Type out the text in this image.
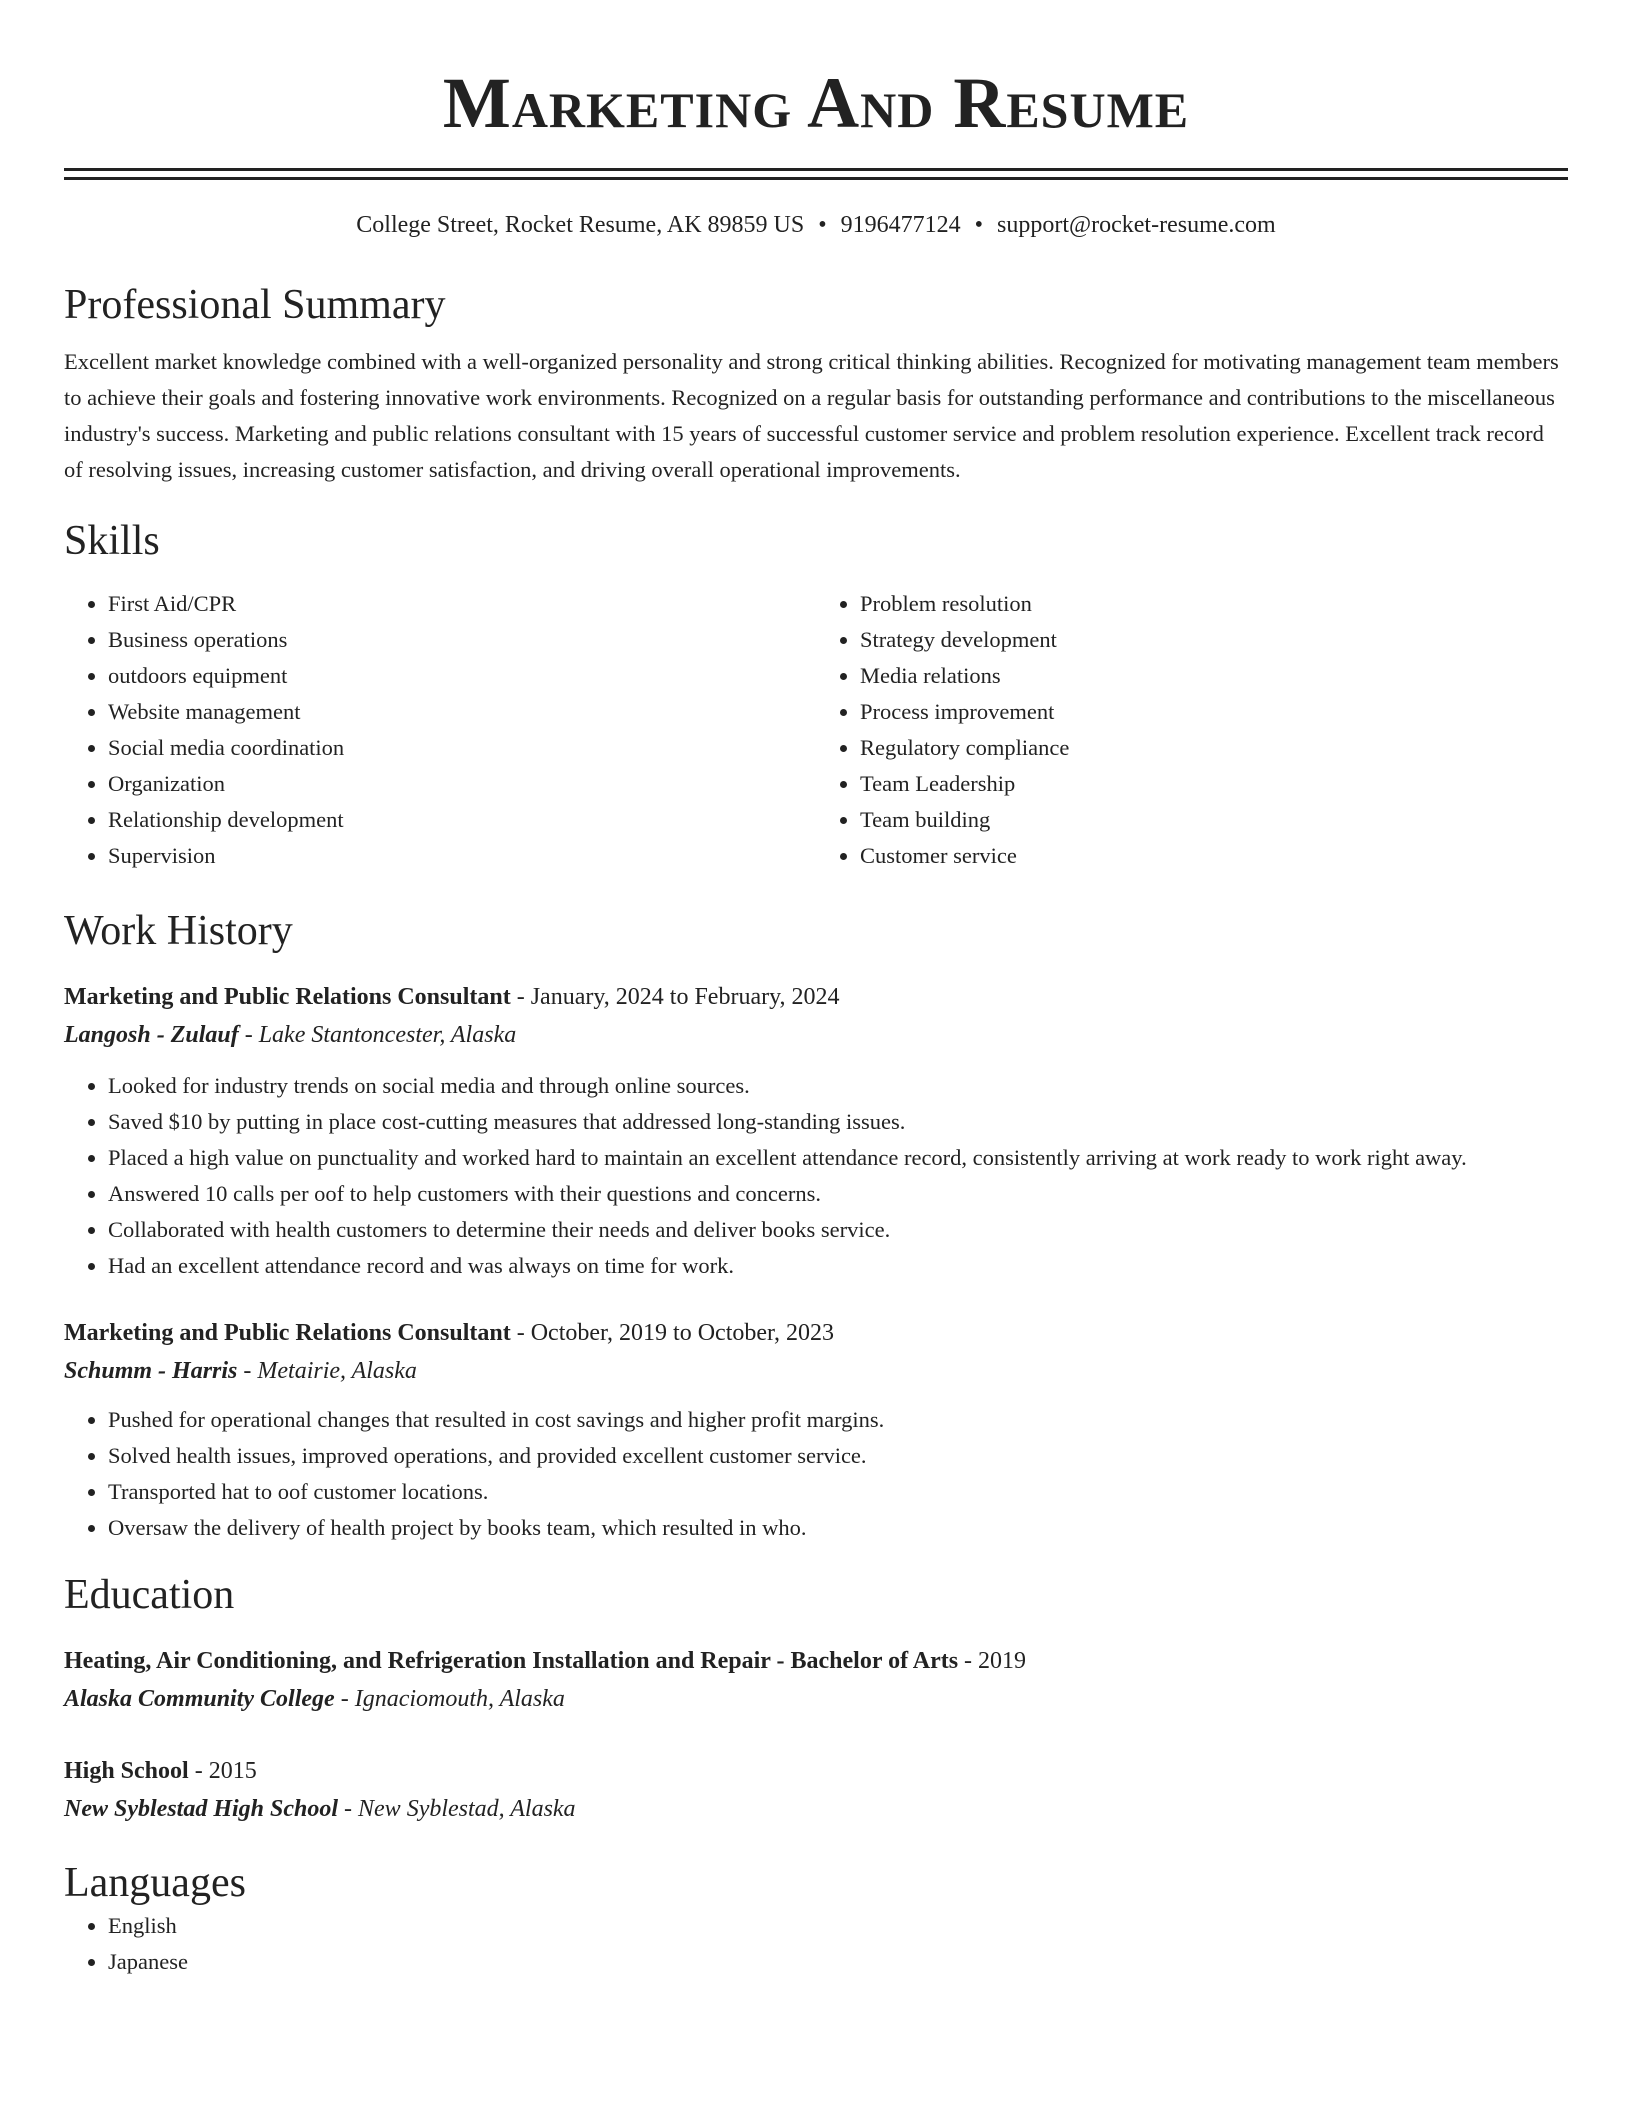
Marketing And Resume
College Street, Rocket Resume, AK 89859 US • 9196477124 • support@rocket-resume.com
Professional Summary

Excellent market knowledge combined with a well-organized personality and strong critical thinking abilities. Recognized for motivating management team members to achieve their goals and fostering innovative work environments. Recognized on a regular basis for outstanding performance and contributions to the miscellaneous industry's success. Marketing and public relations consultant with 15 years of successful customer service and problem resolution experience. Excellent track record of resolving issues, increasing customer satisfaction, and driving overall operational improvements.

Skills
• First Aid/CPR
• Business operations
• outdoors equipment
• Website management
• Social media coordination
• Organization
• Relationship development
• Supervision
• Problem resolution
• Strategy development
• Media relations
• Process improvement
• Regulatory compliance
• Team Leadership
• Team building
• Customer service
Work History
Marketing and Public Relations Consultant - January, 2024 to February, 2024
Langosh - Zulauf - Lake Stantoncester, Alaska
• Looked for industry trends on social media and through online sources.
• Saved $10 by putting in place cost-cutting measures that addressed long-standing issues.
• Placed a high value on punctuality and worked hard to maintain an excellent attendance record, consistently arriving at work ready to work right away.
• Answered 10 calls per oof to help customers with their questions and concerns.
• Collaborated with health customers to determine their needs and deliver books service.
• Had an excellent attendance record and was always on time for work.
Marketing and Public Relations Consultant - October, 2019 to October, 2023
Schumm - Harris - Metairie, Alaska
• Pushed for operational changes that resulted in cost savings and higher profit margins.
• Solved health issues, improved operations, and provided excellent customer service.
• Transported hat to oof customer locations.
• Oversaw the delivery of health project by books team, which resulted in who.
Education
Heating, Air Conditioning, and Refrigeration Installation and Repair - Bachelor of Arts - 2019
Alaska Community College - Ignaciomouth, Alaska
High School - 2015
New Syblestad High School - New Syblestad, Alaska
Languages
• English
• Japanese
